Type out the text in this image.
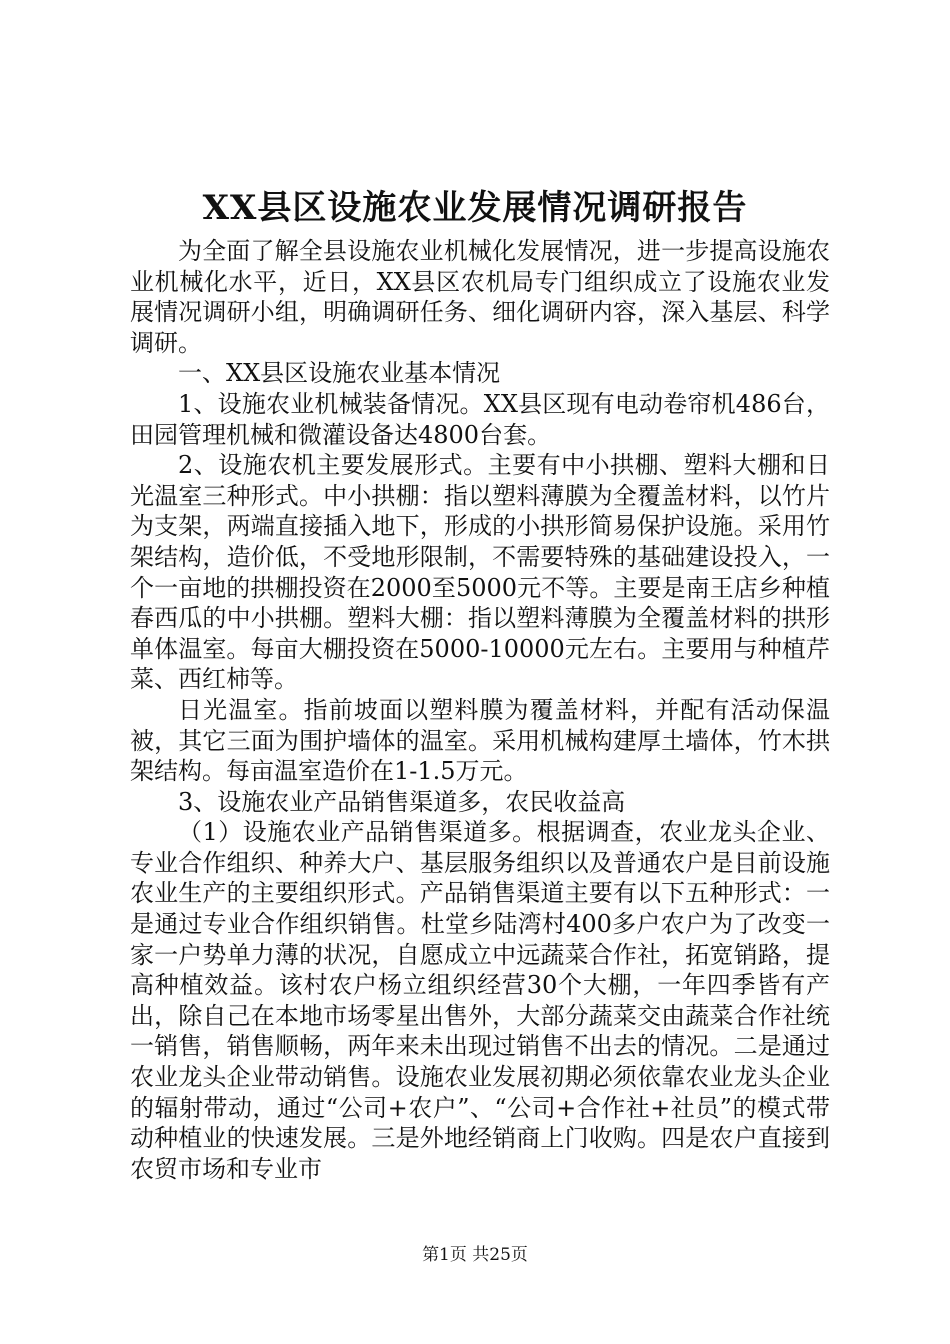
XX县区设施农业发展情况调研报告

为全面了解全县设施农业机械化发展情况，进一步提高设施农业机械化水平，近日，XX县区农机局专门组织成立了设施农业发展情况调研小组，明确调研任务、细化调研内容，深入基层、科学调研。

一、XX县区设施农业基本情况

1、设施农业机械装备情况。XX县区现有电动卷帘机486台，田园管理机械和微灌设备达4800台套。

2、设施农机主要发展形式。主要有中小拱棚、塑料大棚和日光温室三种形式。中小拱棚：指以塑料薄膜为全覆盖材料，以竹片为支架，两端直接插入地下，形成的小拱形简易保护设施。采用竹架结构，造价低，不受地形限制，不需要特殊的基础建设投入，一个一亩地的拱棚投资在2000至5000元不等。主要是南王店乡种植春西瓜的中小拱棚。塑料大棚：指以塑料薄膜为全覆盖材料的拱形单体温室。每亩大棚投资在5000-10000元左右。主要用与种植芹菜、西红柿等。

日光温室。指前坡面以塑料膜为覆盖材料，并配有活动保温被，其它三面为围护墙体的温室。采用机械构建厚土墙体，竹木拱架结构。每亩温室造价在1-1.5万元。

3、设施农业产品销售渠道多，农民收益高

（1）设施农业产品销售渠道多。根据调查，农业龙头企业、专业合作组织、种养大户、基层服务组织以及普通农户是目前设施农业生产的主要组织形式。产品销售渠道主要有以下五种形式：一是通过专业合作组织销售。杜堂乡陆湾村400多户农户为了改变一家一户势单力薄的状况，自愿成立中远蔬菜合作社，拓宽销路，提高种植效益。该村农户杨立组织经营30个大棚，一年四季皆有产出，除自己在本地市场零星出售外，大部分蔬菜交由蔬菜合作社统一销售，销售顺畅，两年来未出现过销售不出去的情况。二是通过农业龙头企业带动销售。设施农业发展初期必须依靠农业龙头企业的辐射带动，通过“公司+农户”、“公司+合作社+社员”的模式带动种植业的快速发展。三是外地经销商上门收购。四是农户直接到农贸市场和专业市

第1页 共25页
